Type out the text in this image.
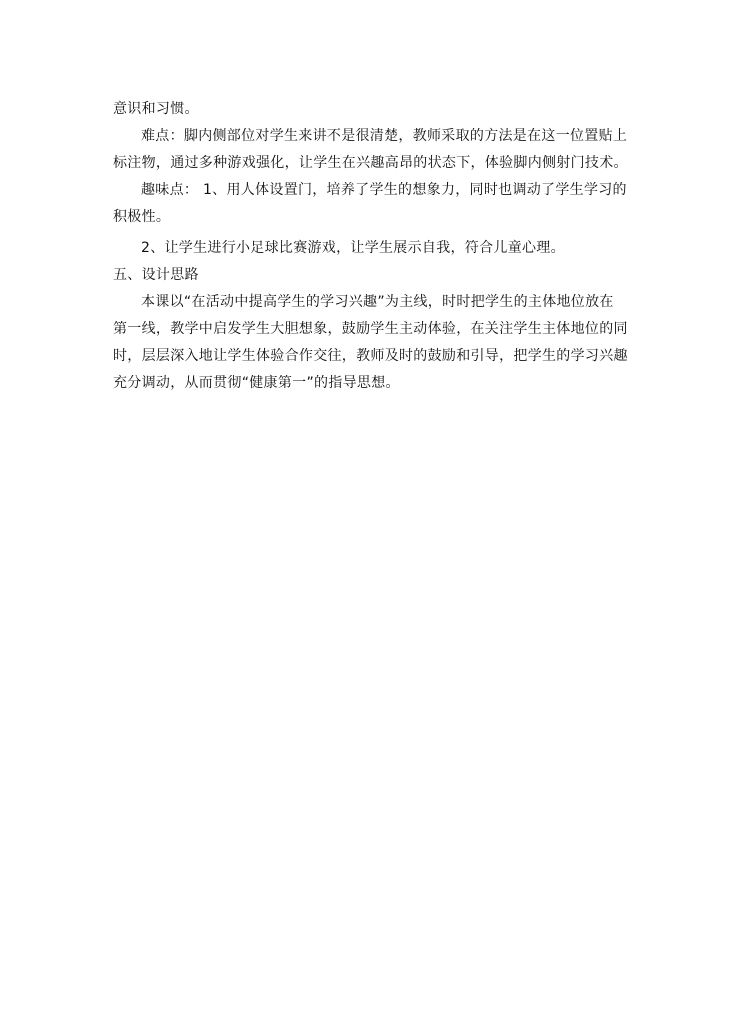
意识和习惯。
难点：脚内侧部位对学生来讲不是很清楚，教师采取的方法是在这一位置贴上
标注物，通过多种游戏强化，让学生在兴趣高昂的状态下，体验脚内侧射门技术。
趣味点： 1、用人体设置门，培养了学生的想象力，同时也调动了学生学习的
积极性。
2、让学生进行小足球比赛游戏，让学生展示自我，符合儿童心理。
五、设计思路
本课以“在活动中提高学生的学习兴趣”为主线，时时把学生的主体地位放在
第一线，教学中启发学生大胆想象，鼓励学生主动体验，在关注学生主体地位的同
时，层层深入地让学生体验合作交往，教师及时的鼓励和引导，把学生的学习兴趣
充分调动，从而贯彻“健康第一”的指导思想。
